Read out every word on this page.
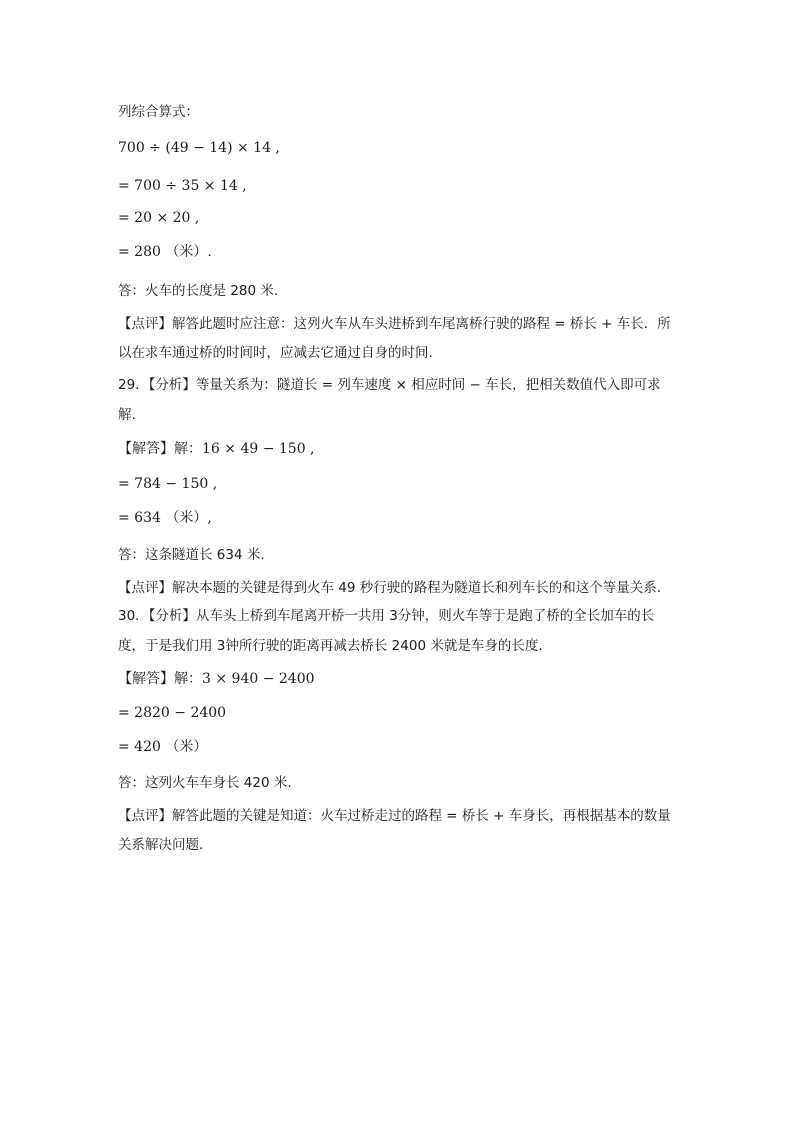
列综合算式：
700 ÷ (49 − 14) × 14 ,
= 700 ÷ 35 × 14 ,
= 20 × 20 ,
= 280 （米）.
答：火车的长度是 280 米.
【点评】解答此题时应注意：这列火车从车头进桥到车尾离桥行驶的路程 = 桥长 + 车长．所
以在求车通过桥的时间时，应减去它通过自身的时间.
29．【分析】等量关系为：隧道长 = 列车速度 × 相应时间 − 车长，把相关数值代入即可求
解.
【解答】解：16 × 49 − 150 ,
= 784 − 150 ,
= 634 （米）,
答：这条隧道长 634 米.
【点评】解决本题的关键是得到火车 49 秒行驶的路程为隧道长和列车长的和这个等量关系.
30．【分析】从车头上桥到车尾离开桥一共用 3分钟，则火车等于是跑了桥的全长加车的长
度，于是我们用 3钟所行驶的距离再减去桥长 2400 米就是车身的长度.
【解答】解：3 × 940 − 2400
= 2820 − 2400
= 420 （米）
答：这列火车车身长 420 米.
【点评】解答此题的关键是知道：火车过桥走过的路程 = 桥长 + 车身长，再根据基本的数量
关系解决问题.
